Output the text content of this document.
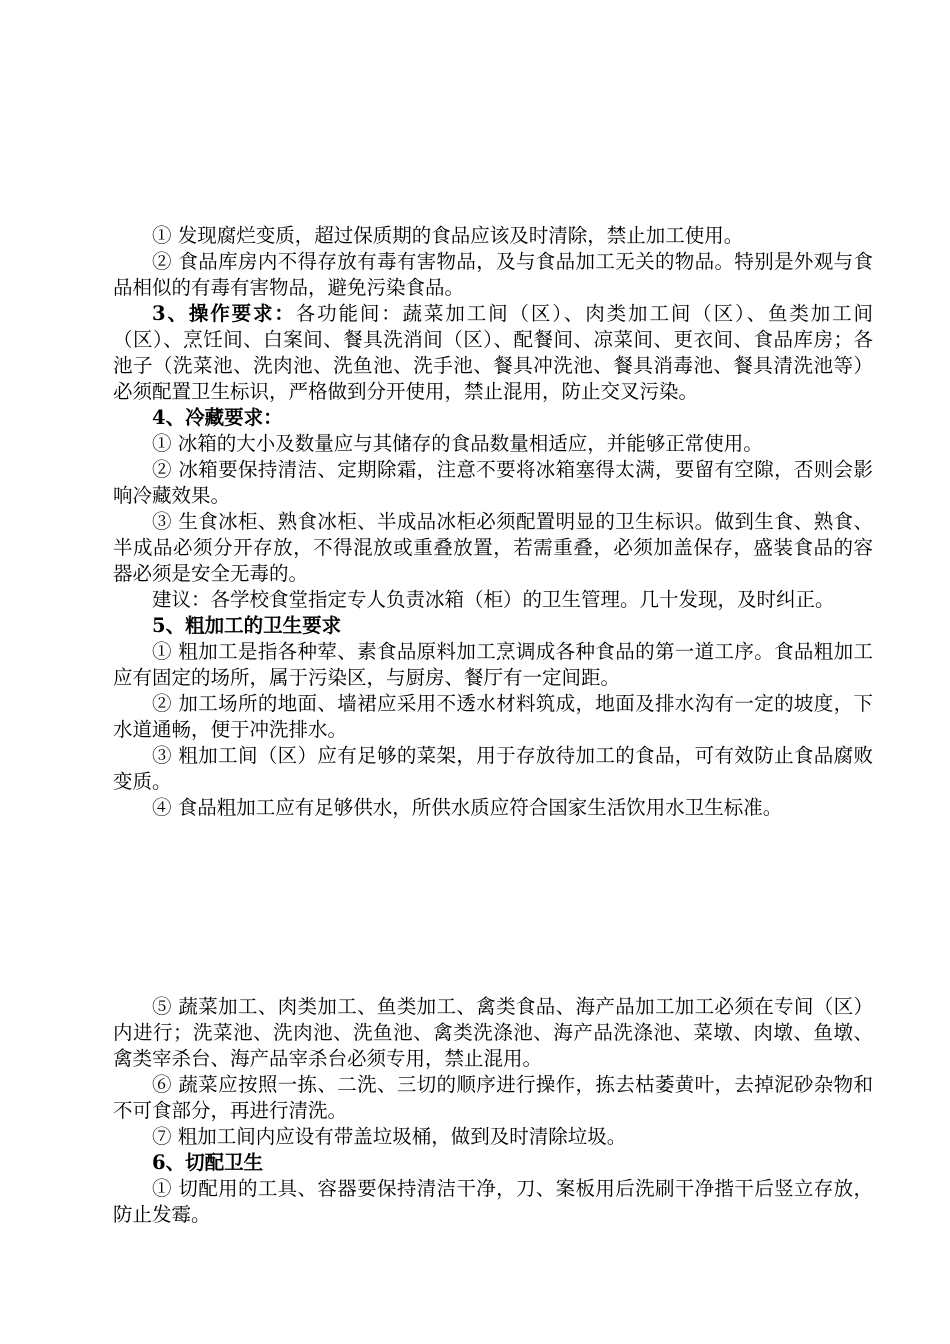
① 发现腐烂变质，超过保质期的食品应该及时清除，禁止加工使用。

② 食品库房内不得存放有毒有害物品，及与食品加工无关的物品。特别是外观与食品相似的有毒有害物品，避免污染食品。

3、操作要求：各功能间：蔬菜加工间（区）、肉类加工间（区）、鱼类加工间（区）、烹饪间、白案间、餐具洗消间（区）、配餐间、凉菜间、更衣间、食品库房；各池子（洗菜池、洗肉池、洗鱼池、洗手池、餐具冲洗池、餐具消毒池、餐具清洗池等）必须配置卫生标识，严格做到分开使用，禁止混用，防止交叉污染。

4、冷藏要求：

① 冰箱的大小及数量应与其储存的食品数量相适应，并能够正常使用。

② 冰箱要保持清洁、定期除霜，注意不要将冰箱塞得太满，要留有空隙，否则会影响冷藏效果。

③ 生食冰柜、熟食冰柜、半成品冰柜必须配置明显的卫生标识。做到生食、熟食、半成品必须分开存放，不得混放或重叠放置，若需重叠，必须加盖保存，盛装食品的容器必须是安全无毒的。

建议：各学校食堂指定专人负责冰箱（柜）的卫生管理。几十发现，及时纠正。

5、粗加工的卫生要求

① 粗加工是指各种荤、素食品原料加工烹调成各种食品的第一道工序。食品粗加工应有固定的场所，属于污染区，与厨房、餐厅有一定间距。

② 加工场所的地面、墙裙应采用不透水材料筑成，地面及排水沟有一定的坡度，下水道通畅，便于冲洗排水。

③ 粗加工间（区）应有足够的菜架，用于存放待加工的食品，可有效防止食品腐败变质。

④ 食品粗加工应有足够供水，所供水质应符合国家生活饮用水卫生标准。

⑤ 蔬菜加工、肉类加工、鱼类加工、禽类食品、海产品加工加工必须在专间（区）内进行；洗菜池、洗肉池、洗鱼池、禽类洗涤池、海产品洗涤池、菜墩、肉墩、鱼墩、禽类宰杀台、海产品宰杀台必须专用，禁止混用。

⑥ 蔬菜应按照一拣、二洗、三切的顺序进行操作，拣去枯萎黄叶，去掉泥砂杂物和不可食部分，再进行清洗。

⑦ 粗加工间内应设有带盖垃圾桶，做到及时清除垃圾。

6、切配卫生

① 切配用的工具、容器要保持清洁干净，刀、案板用后洗刷干净揩干后竖立存放，防止发霉。
